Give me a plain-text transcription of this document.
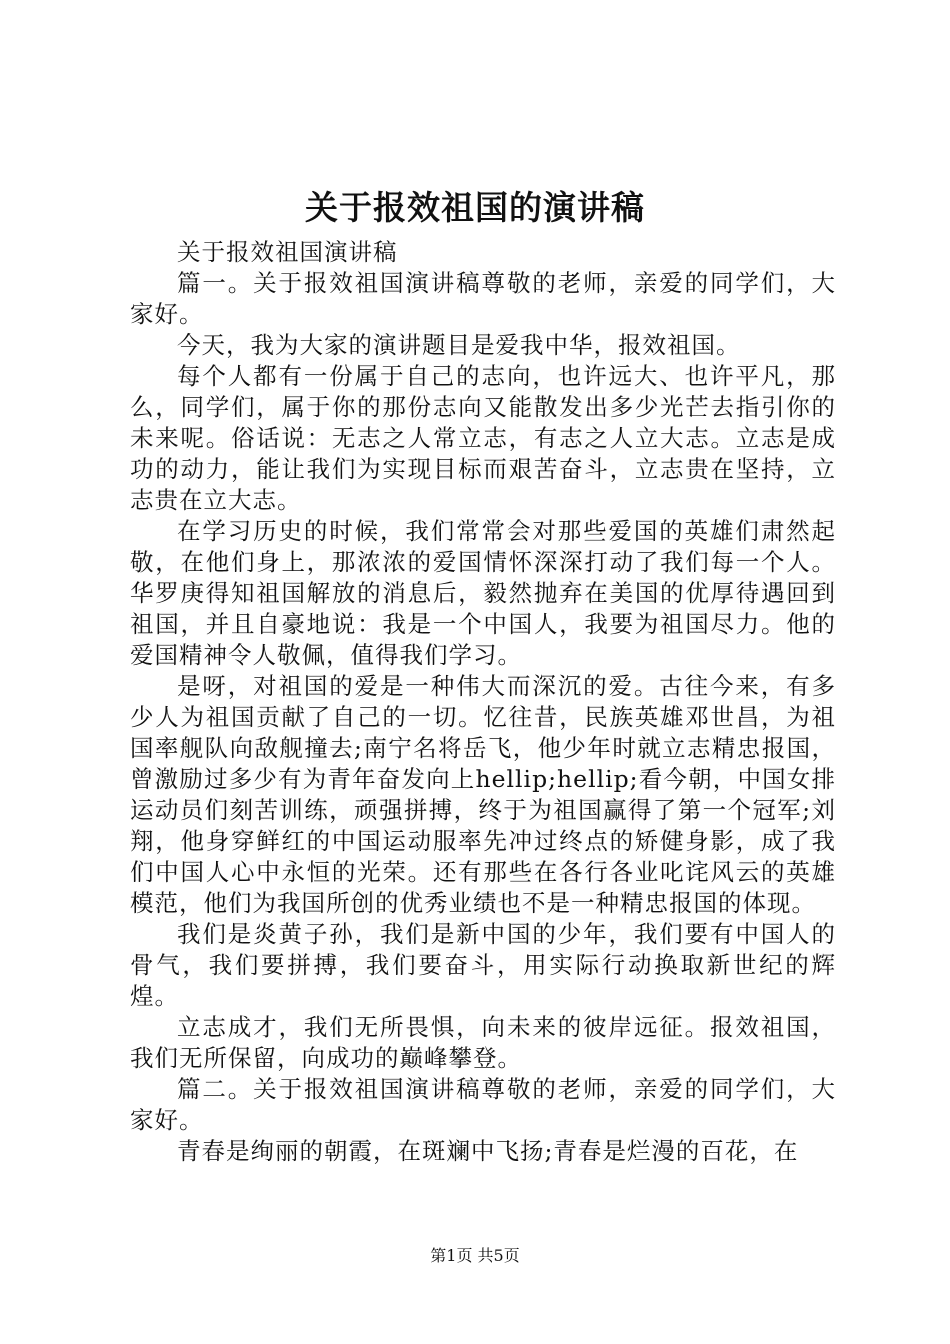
关于报效祖国的演讲稿

关于报效祖国演讲稿

篇一。关于报效祖国演讲稿尊敬的老师，亲爱的同学们，大家好。

今天，我为大家的演讲题目是爱我中华，报效祖国。

每个人都有一份属于自己的志向，也许远大、也许平凡，那么，同学们，属于你的那份志向又能散发出多少光芒去指引你的未来呢。俗话说：无志之人常立志，有志之人立大志。立志是成功的动力，能让我们为实现目标而艰苦奋斗，立志贵在坚持，立志贵在立大志。

在学习历史的时候，我们常常会对那些爱国的英雄们肃然起敬，在他们身上，那浓浓的爱国情怀深深打动了我们每一个人。华罗庚得知祖国解放的消息后，毅然抛弃在美国的优厚待遇回到祖国，并且自豪地说：我是一个中国人，我要为祖国尽力。他的爱国精神令人敬佩，值得我们学习。

是呀，对祖国的爱是一种伟大而深沉的爱。古往今来，有多少人为祖国贡献了自己的一切。忆往昔，民族英雄邓世昌，为祖国率舰队向敌舰撞去;南宁名将岳飞，他少年时就立志精忠报国，曾激励过多少有为青年奋发向上hellip;hellip;看今朝，中国女排运动员们刻苦训练，顽强拼搏，终于为祖国赢得了第一个冠军;刘翔，他身穿鲜红的中国运动服率先冲过终点的矫健身影，成了我们中国人心中永恒的光荣。还有那些在各行各业叱诧风云的英雄模范，他们为我国所创的优秀业绩也不是一种精忠报国的体现。

我们是炎黄子孙，我们是新中国的少年，我们要有中国人的骨气，我们要拼搏，我们要奋斗，用实际行动换取新世纪的辉煌。

立志成才，我们无所畏惧，向未来的彼岸远征。报效祖国，我们无所保留，向成功的巅峰攀登。

篇二。关于报效祖国演讲稿尊敬的老师，亲爱的同学们，大家好。

青春是绚丽的朝霞，在斑斓中飞扬;青春是烂漫的百花，在

第1页 共5页
